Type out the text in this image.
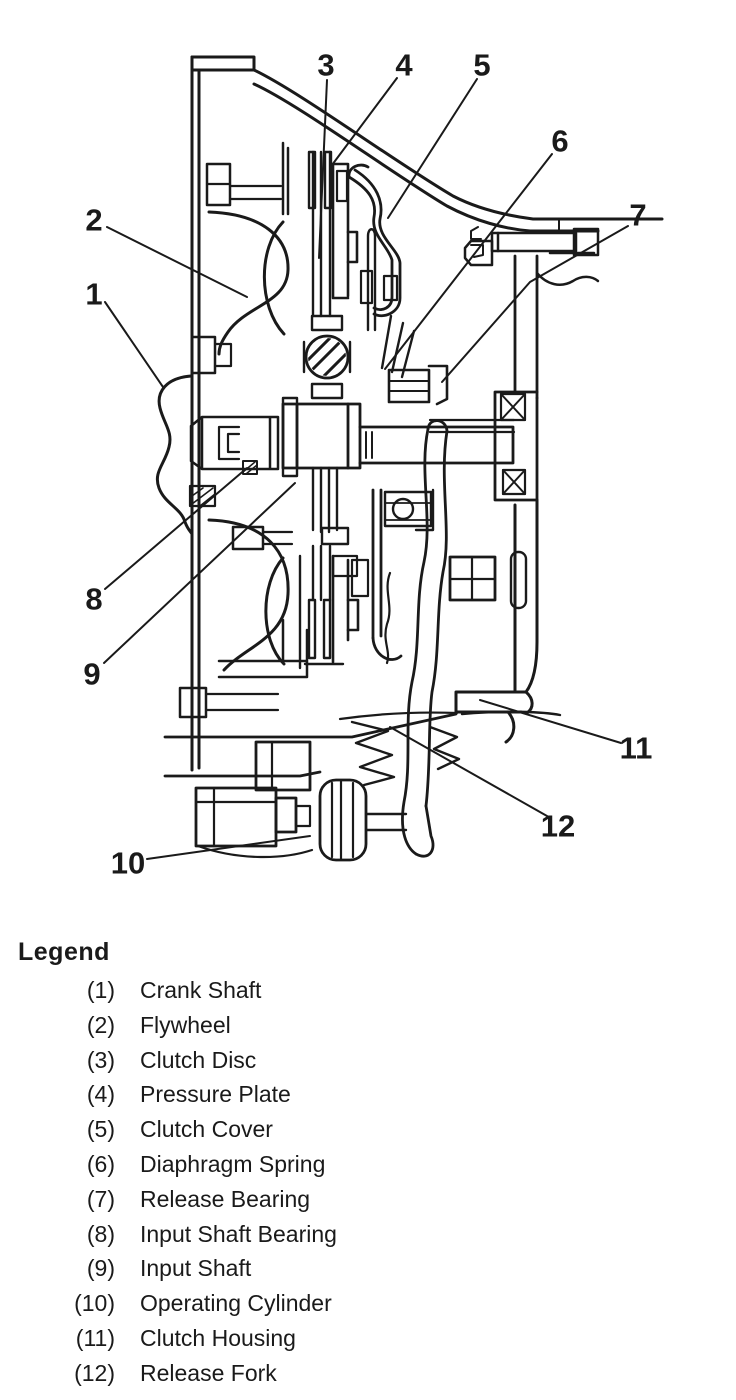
1
2
3 4 5
6
7
8
9
10
11
12

Legend

(1) Crank Shaft
(2) Flywheel
(3) Clutch Disc
(4) Pressure Plate
(5) Clutch Cover
(6) Diaphragm Spring
(7) Release Bearing
(8) Input Shaft Bearing
(9) Input Shaft
(10) Operating Cylinder
(11) Clutch Housing
(12) Release Fork
